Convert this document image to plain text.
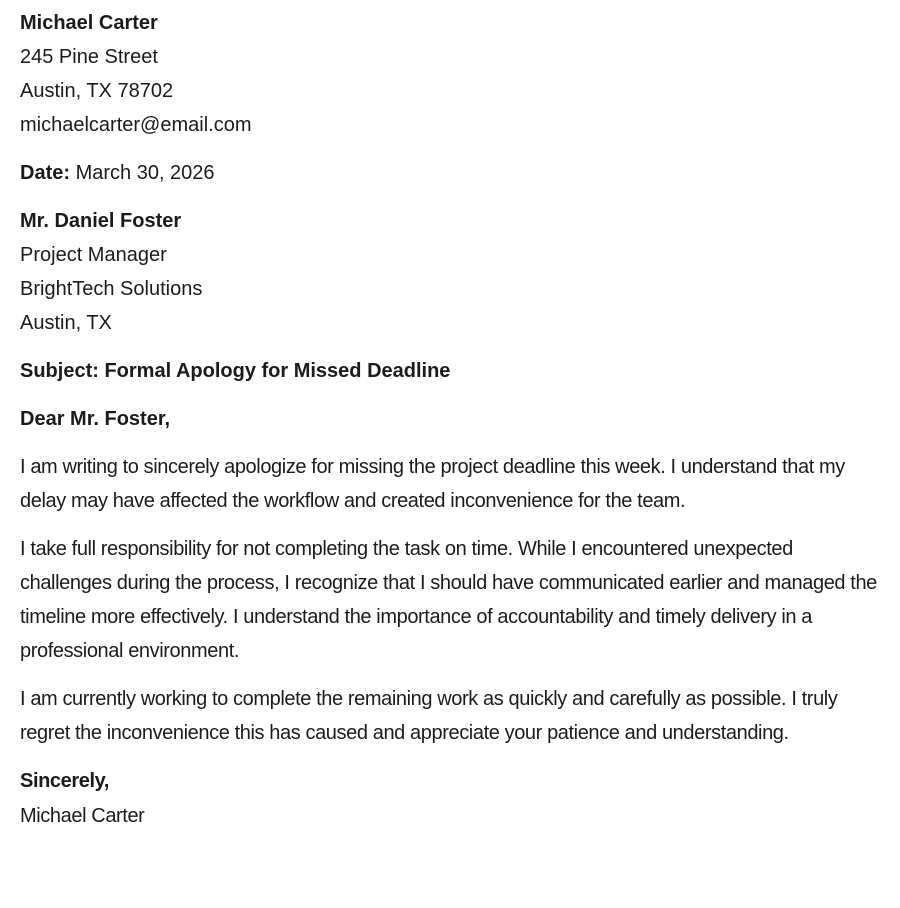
Michael Carter

245 Pine Street

Austin, TX 78702

michaelcarter@email.com

Date: March 30, 2026

Mr. Daniel Foster

Project Manager

BrightTech Solutions

Austin, TX

Subject: Formal Apology for Missed Deadline

Dear Mr. Foster,

I am writing to sincerely apologize for missing the project deadline this week. I understand that my delay may have affected the workflow and created inconvenience for the team.

I take full responsibility for not completing the task on time. While I encountered unexpected challenges during the process, I recognize that I should have communicated earlier and managed the timeline more effectively. I understand the importance of accountability and timely delivery in a professional environment.

I am currently working to complete the remaining work as quickly and carefully as possible. I truly regret the inconvenience this has caused and appreciate your patience and understanding.

Sincerely,

Michael Carter
